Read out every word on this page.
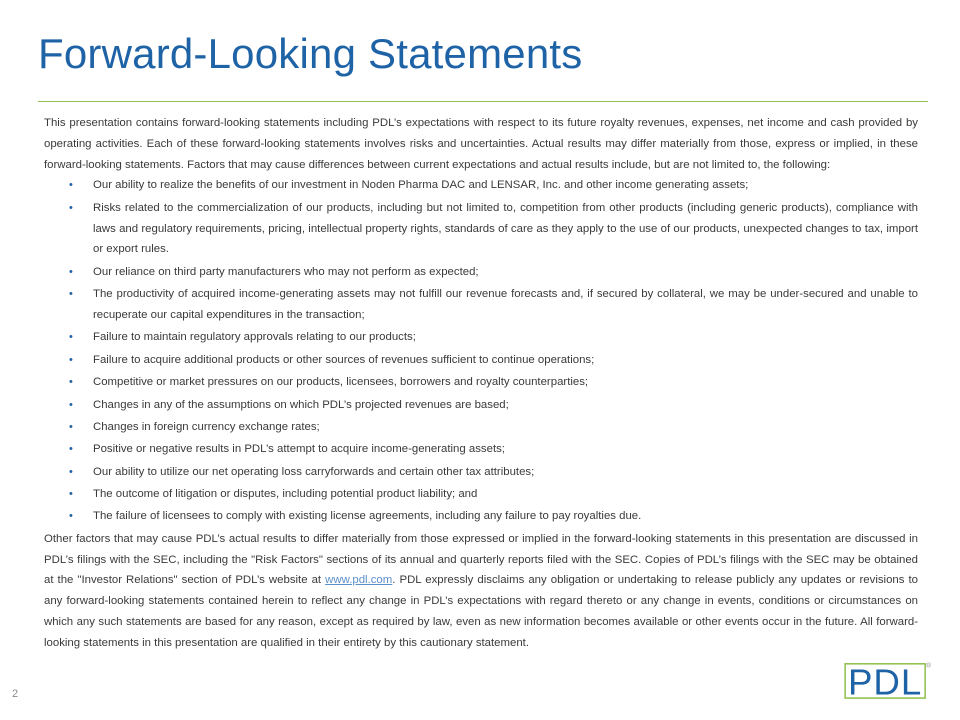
Forward-Looking Statements

This presentation contains forward-looking statements including PDL’s expectations with respect to its future royalty revenues, expenses, net income and cash provided by operating activities. Each of these forward-looking statements involves risks and uncertainties. Actual results may differ materially from those, express or implied, in these forward-looking statements. Factors that may cause differences between current expectations and actual results include, but are not limited to, the following:

• Our ability to realize the benefits of our investment in Noden Pharma DAC and LENSAR, Inc. and other income generating assets;
• Risks related to the commercialization of our products, including but not limited to, competition from other products (including generic products), compliance with laws and regulatory requirements, pricing, intellectual property rights, standards of care as they apply to the use of our products, unexpected changes to tax, import or export rules.
• Our reliance on third party manufacturers who may not perform as expected;
• The productivity of acquired income-generating assets may not fulfill our revenue forecasts and, if secured by collateral, we may be under-secured and unable to recuperate our capital expenditures in the transaction;
• Failure to maintain regulatory approvals relating to our products;
• Failure to acquire additional products or other sources of revenues sufficient to continue operations;
• Competitive or market pressures on our products, licensees, borrowers and royalty counterparties;
• Changes in any of the assumptions on which PDL’s projected revenues are based;
• Changes in foreign currency exchange rates;
• Positive or negative results in PDL’s attempt to acquire income-generating assets;
• Our ability to utilize our net operating loss carryforwards and certain other tax attributes;
• The outcome of litigation or disputes, including potential product liability; and
• The failure of licensees to comply with existing license agreements, including any failure to pay royalties due.

Other factors that may cause PDL’s actual results to differ materially from those expressed or implied in the forward-looking statements in this presentation are discussed in PDL’s filings with the SEC, including the "Risk Factors" sections of its annual and quarterly reports filed with the SEC. Copies of PDL’s filings with the SEC may be obtained at the "Investor Relations" section of PDL’s website at www.pdl.com. PDL expressly disclaims any obligation or undertaking to release publicly any updates or revisions to any forward-looking statements contained herein to reflect any change in PDL’s expectations with regard thereto or any change in events, conditions or circumstances on which any such statements are based for any reason, except as required by law, even as new information becomes available or other events occur in the future. All forward-looking statements in this presentation are qualified in their entirety by this cautionary statement.

2	PDL ®
